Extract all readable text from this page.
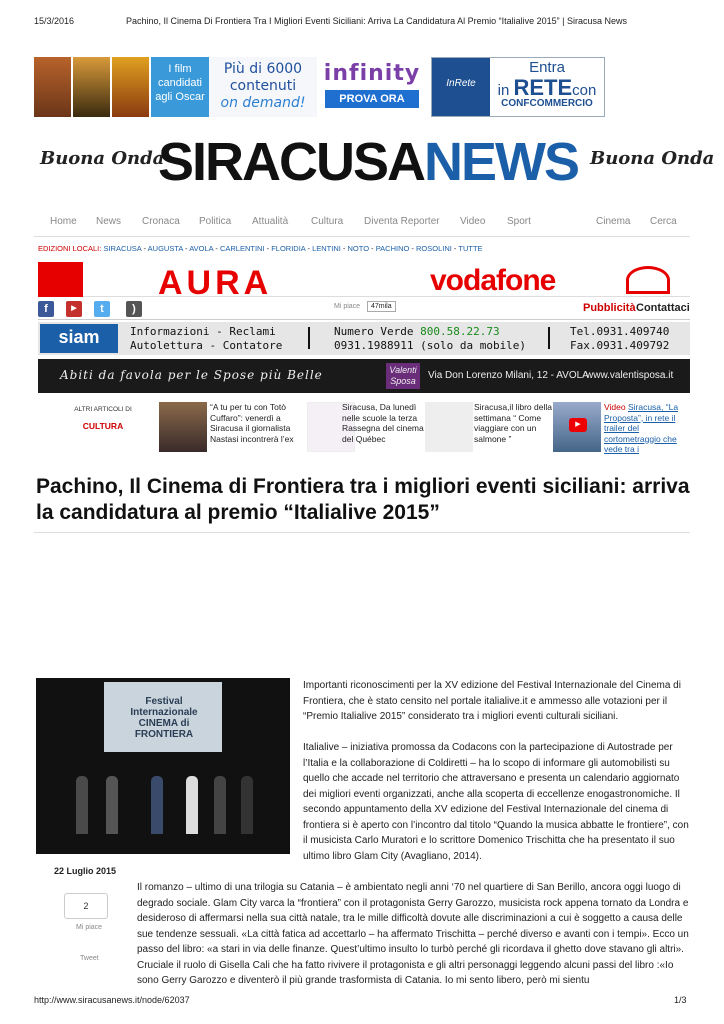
15/3/2016	Pachino, Il Cinema Di Frontiera Tra I Migliori Eventi Siciliani: Arriva La Candidatura Al Premio “Italialive 2015” | Siracusa News
I film candidati agli Oscar
Più di 6000
contenuti
on demand!
infinity
PROVA ORA
InRete
Entra
in RETEcon
CONFCOMMERCIO
Buona Onda
SIRACUSANEWS Buona Onda
Home News Cronaca Politica Attualità Cultura Diventa Reporter Video Sport	Cinema Cerca
EDIZIONI LOCALI: SIRACUSA - AUGUSTA - AVOLA - CARLENTINI - FLORIDIA - LENTINI - NOTO - PACHINO - ROSOLINI - TUTTE
AURA	vodafone
f	▶	t	)	Mi piace	47mila	Pubblicità Contattaci
siam	Informazioni - Reclami
Autolettura - Contatore
Numero Verde 800.58.22.73
0931.1988911 (solo da mobile)
Tel.0931.409740
Fax.0931.409792
Abiti da favola per le Spose più Belle	Valenti Sposa	Via Don Lorenzo Milani, 12 - AVOLA
www.valentisposa.it
ALTRI ARTICOLI DI
CULTURA
“A tu per tu con Totò Cuffaro”: venerdì a Siracusa il giornalista Nastasi incontrerà l’ex
Siracusa, Da lunedì nelle scuole la terza Rassegna del cinema del Québec
Siracusa,il libro della settimana “ Come viaggiare con un salmone ”
▶
Video Siracusa, “La Proposta”, in rete il trailer del cortometraggio che vede tra i
Pachino, Il Cinema di Frontiera tra i migliori eventi siciliani: arriva la candidatura al premio “Italialive 2015”
Festival Internazionale CINEMA di FRONTIERA
22 Luglio 2015
2
Mi piace
Tweet

Importanti riconoscimenti per la XV edizione del Festival Internazionale del Cinema di Frontiera, che è stato censito nel portale italialive.it e ammesso alle votazioni per il “Premio Italialive 2015” considerato tra i migliori eventi culturali siciliani.

Italialive – iniziativa promossa da Codacons con la partecipazione di Autostrade per l’Italia e la collaborazione di Coldiretti – ha lo scopo di informare gli automobilisti su quello che accade nel territorio che attraversano e presenta un calendario aggiornato dei migliori eventi organizzati, anche alla scoperta di eccellenze enogastronomiche. Il secondo appuntamento della XV edizione del Festival Internazionale del cinema di frontiera si è aperto con l’incontro dal titolo “Quando la musica abbatte le frontiere”, con il musicista Carlo Muratori e lo scrittore Domenico Trischitta che ha presentato il suo ultimo libro Glam City (Avagliano, 2014).

Il romanzo – ultimo di una trilogia su Catania – è ambientato negli anni ‘70 nel quartiere di San Berillo, ancora oggi luogo di degrado sociale. Glam City varca la “frontiera” con il protagonista Gerry Garozzo, musicista rock appena tornato da Londra e desideroso di affermarsi nella sua città natale, tra le mille difficoltà dovute alle discriminazioni a cui è soggetto a causa delle sue tendenze sessuali. «La città fatica ad accettarlo – ha affermato Trischitta – perché diverso e avanti con i tempi». Ecco un passo del libro: «a stari in via delle finanze. Quest’ultimo insulto lo turbò perché gli ricordava il ghetto dove stavano gli altri». Cruciale il ruolo di Gisella Cali che ha fatto rivivere il protagonista e gli altri personaggi leggendo alcuni passi del libro :«Io sono Gerry Garozzo e diventerò il più grande trasformista di Catania. Io mi sento libero, però mi sientu

http://www.siracusanews.it/node/62037	1/3
